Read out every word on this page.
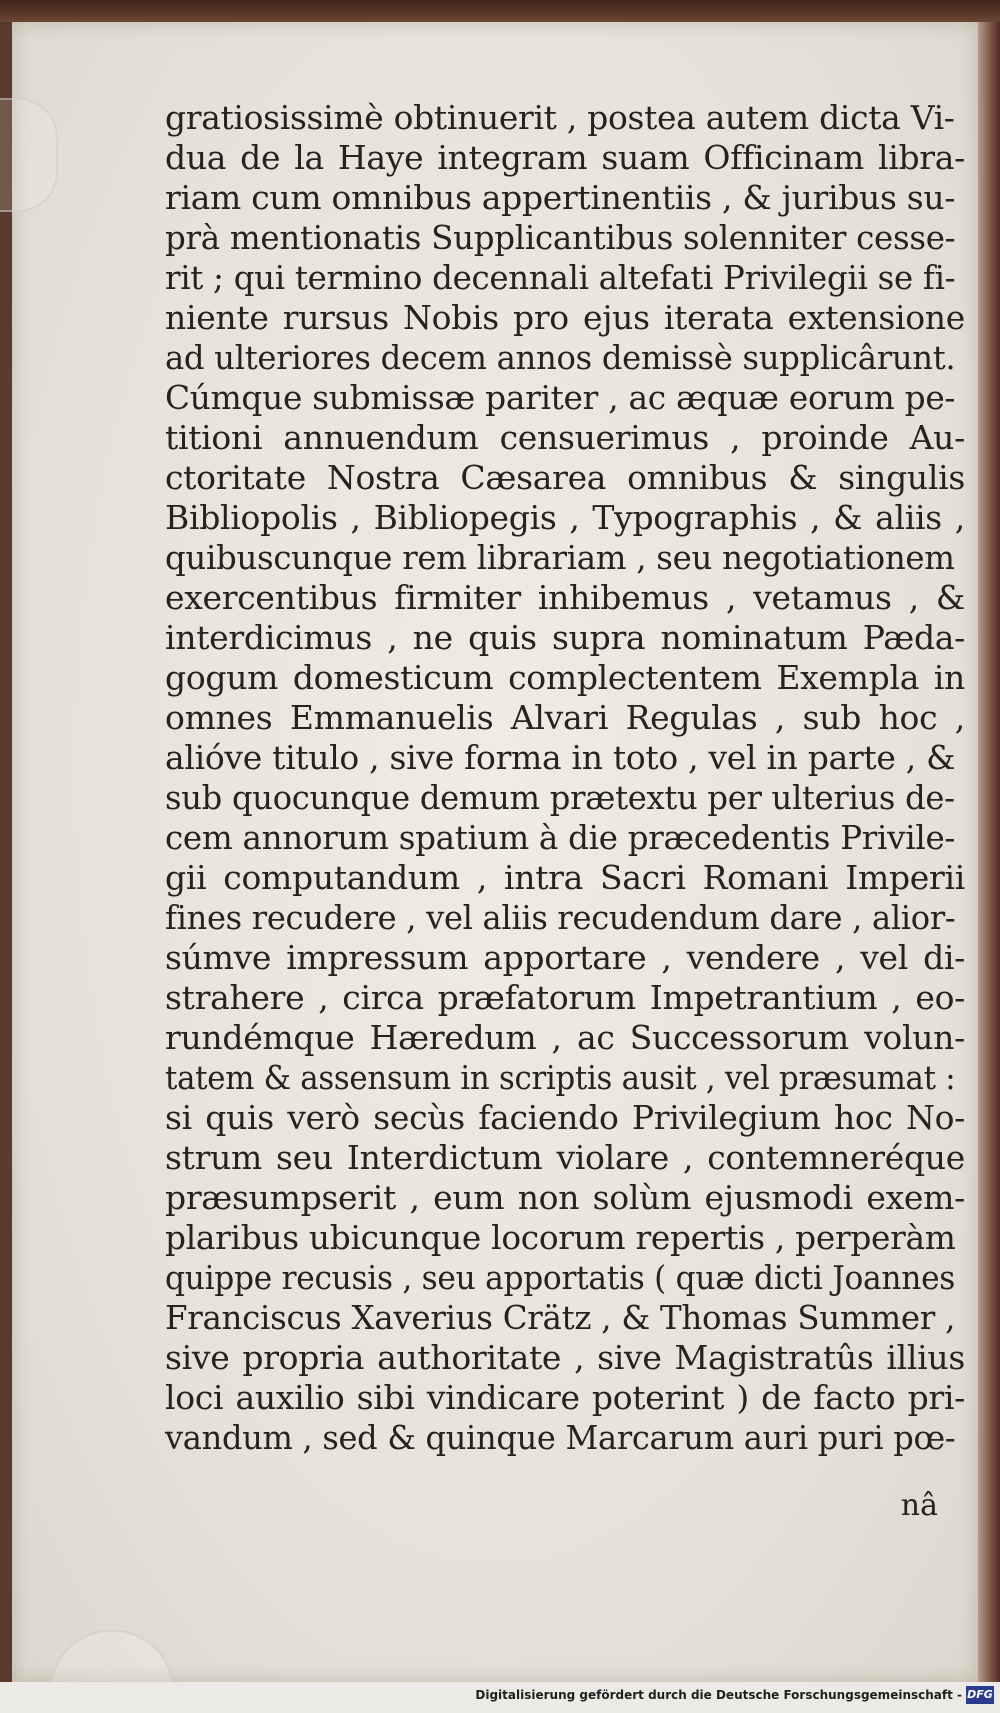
gratiosissimè obtinuerit , postea autem dicta Vi-
dua de la Haye integram suam Officinam libra-
riam cum omnibus appertinentiis , & juribus su-
prà mentionatis Supplicantibus solenniter cesse-
rit ; qui termino decennali altefati Privilegii se fi-
niente rursus Nobis pro ejus iterata extensione
ad ulteriores decem annos demissè supplicârunt.
Cúmque submissæ pariter , ac æquæ eorum pe-
titioni annuendum censuerimus , proinde Au-
ctoritate Nostra Cæsarea omnibus & singulis
Bibliopolis , Bibliopegis , Typographis , & aliis ,
quibuscunque rem librariam , seu negotiationem
exercentibus firmiter inhibemus , vetamus , &
interdicimus , ne quis supra nominatum Pæda-
gogum domesticum complectentem Exempla in
omnes Emmanuelis Alvari Regulas , sub hoc ,
alióve titulo , sive forma in toto , vel in parte , &
sub quocunque demum prætextu per ulterius de-
cem annorum spatium à die præcedentis Privile-
gii computandum , intra Sacri Romani Imperii
fines recudere , vel aliis recudendum dare , alior-
súmve impressum apportare , vendere , vel di-
strahere , circa præfatorum Impetrantium , eo-
rundémque Hæredum , ac Successorum volun-
tatem & assensum in scriptis ausit , vel præsumat :
si quis verò secùs faciendo Privilegium hoc No-
strum seu Interdictum violare , contemneréque
præsumpserit , eum non solùm ejusmodi exem-
plaribus ubicunque locorum repertis , perperàm
quippe recusis , seu apportatis ( quæ dicti Joannes
Franciscus Xaverius Crätz , & Thomas Summer ,
sive propria authoritate , sive Magistratûs illius
loci auxilio sibi vindicare poterint ) de facto pri-
vandum , sed & quinque Marcarum auri puri pœ-
nâ
Digitalisierung gefördert durch die Deutsche Forschungsgemeinschaft - DFG
